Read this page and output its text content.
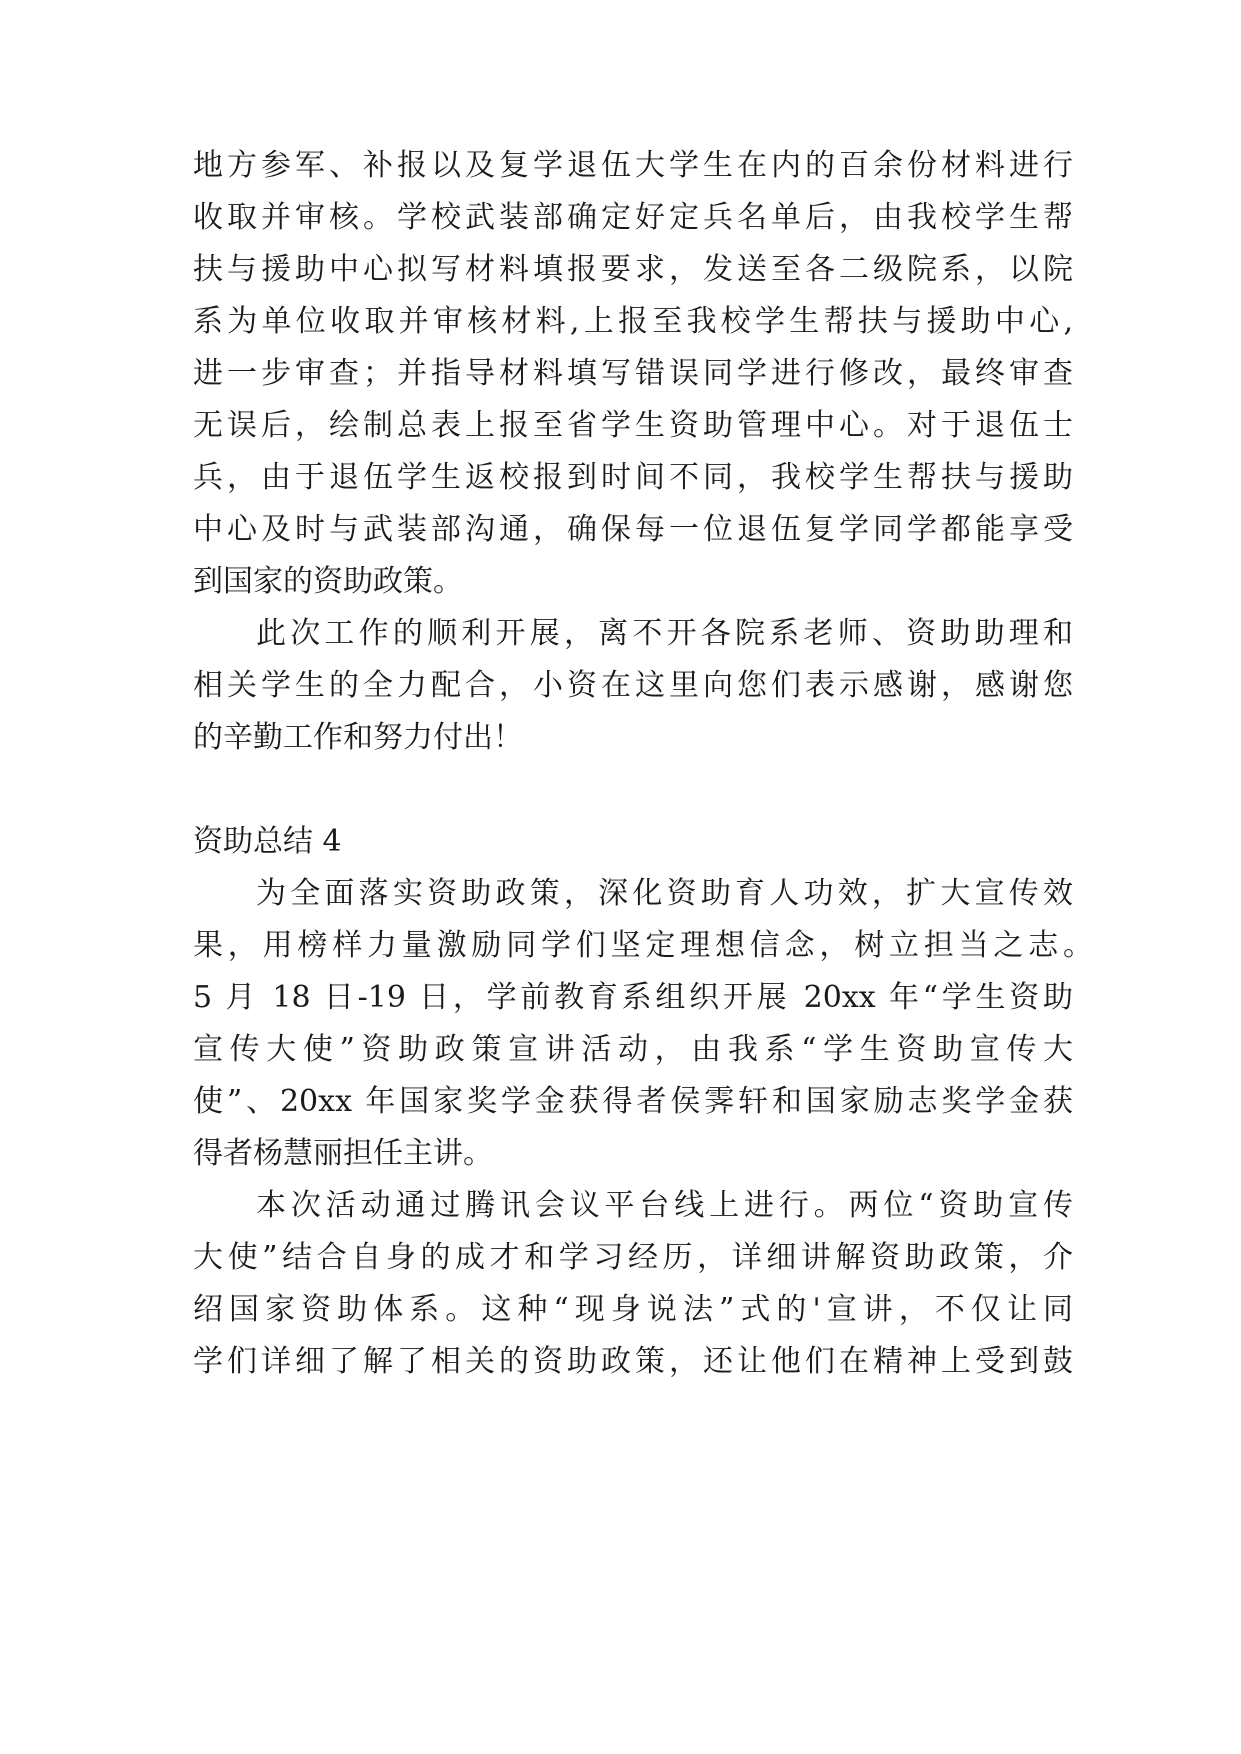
地方参军、补报以及复学退伍大学生在内的百余份材料进行
收取并审核。学校武装部确定好定兵名单后，由我校学生帮
扶与援助中心拟写材料填报要求，发送至各二级院系，以院
系为单位收取并审核材料,上报至我校学生帮扶与援助中心,
进一步审查；并指导材料填写错误同学进行修改，最终审查
无误后，绘制总表上报至省学生资助管理中心。对于退伍士
兵，由于退伍学生返校报到时间不同，我校学生帮扶与援助
中心及时与武装部沟通，确保每一位退伍复学同学都能享受
到国家的资助政策。
此次工作的顺利开展，离不开各院系老师、资助助理和
相关学生的全力配合，小资在这里向您们表示感谢，感谢您
的辛勤工作和努力付出！
资助总结 4
为全面落实资助政策，深化资助育人功效，扩大宣传效
果，用榜样力量激励同学们坚定理想信念，树立担当之志。
5 月 18 日-19 日，学前教育系组织开展 20xx 年“学生资助
宣传大使”资助政策宣讲活动，由我系“学生资助宣传大
使”、20xx 年国家奖学金获得者侯霁轩和国家励志奖学金获
得者杨慧丽担任主讲。
本次活动通过腾讯会议平台线上进行。两位“资助宣传
大使”结合自身的成才和学习经历，详细讲解资助政策，介
绍国家资助体系。这种“现身说法”式的'宣讲，不仅让同
学们详细了解了相关的资助政策，还让他们在精神上受到鼓
